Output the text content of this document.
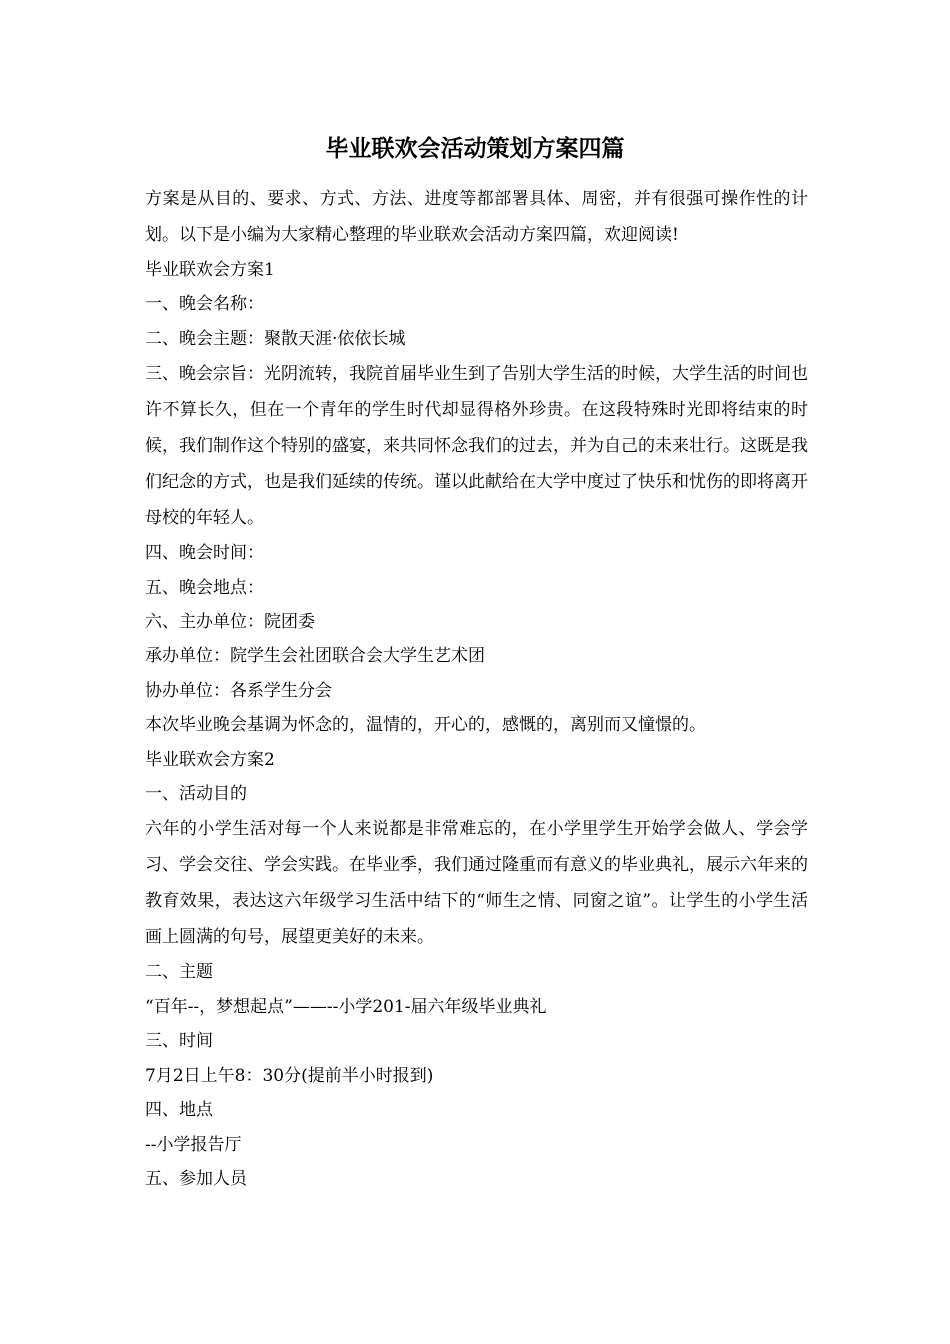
毕业联欢会活动策划方案四篇

方案是从目的、要求、方式、方法、进度等都部署具体、周密，并有很强可操作性的计划。以下是小编为大家精心整理的毕业联欢会活动方案四篇，欢迎阅读!

毕业联欢会方案1

一、晚会名称：

二、晚会主题：聚散天涯·依依长城

三、晚会宗旨：光阴流转，我院首届毕业生到了告别大学生活的时候，大学生活的时间也许不算长久，但在一个青年的学生时代却显得格外珍贵。在这段特殊时光即将结束的时候，我们制作这个特别的盛宴，来共同怀念我们的过去，并为自己的未来壮行。这既是我们纪念的方式，也是我们延续的传统。谨以此献给在大学中度过了快乐和忧伤的即将离开母校的年轻人。

四、晚会时间：

五、晚会地点：

六、主办单位：院团委

承办单位：院学生会社团联合会大学生艺术团

协办单位：各系学生分会

本次毕业晚会基调为怀念的，温情的，开心的，感慨的，离别而又憧憬的。

毕业联欢会方案2

一、活动目的

六年的小学生活对每一个人来说都是非常难忘的，在小学里学生开始学会做人、学会学习、学会交往、学会实践。在毕业季，我们通过隆重而有意义的毕业典礼，展示六年来的教育效果，表达这六年级学习生活中结下的“师生之情、同窗之谊”。让学生的小学生活画上圆满的句号，展望更美好的未来。

二、主题

“百年--，梦想起点”——--小学201-届六年级毕业典礼

三、时间

7月2日上午8：30分(提前半小时报到)

四、地点

--小学报告厅

五、参加人员
